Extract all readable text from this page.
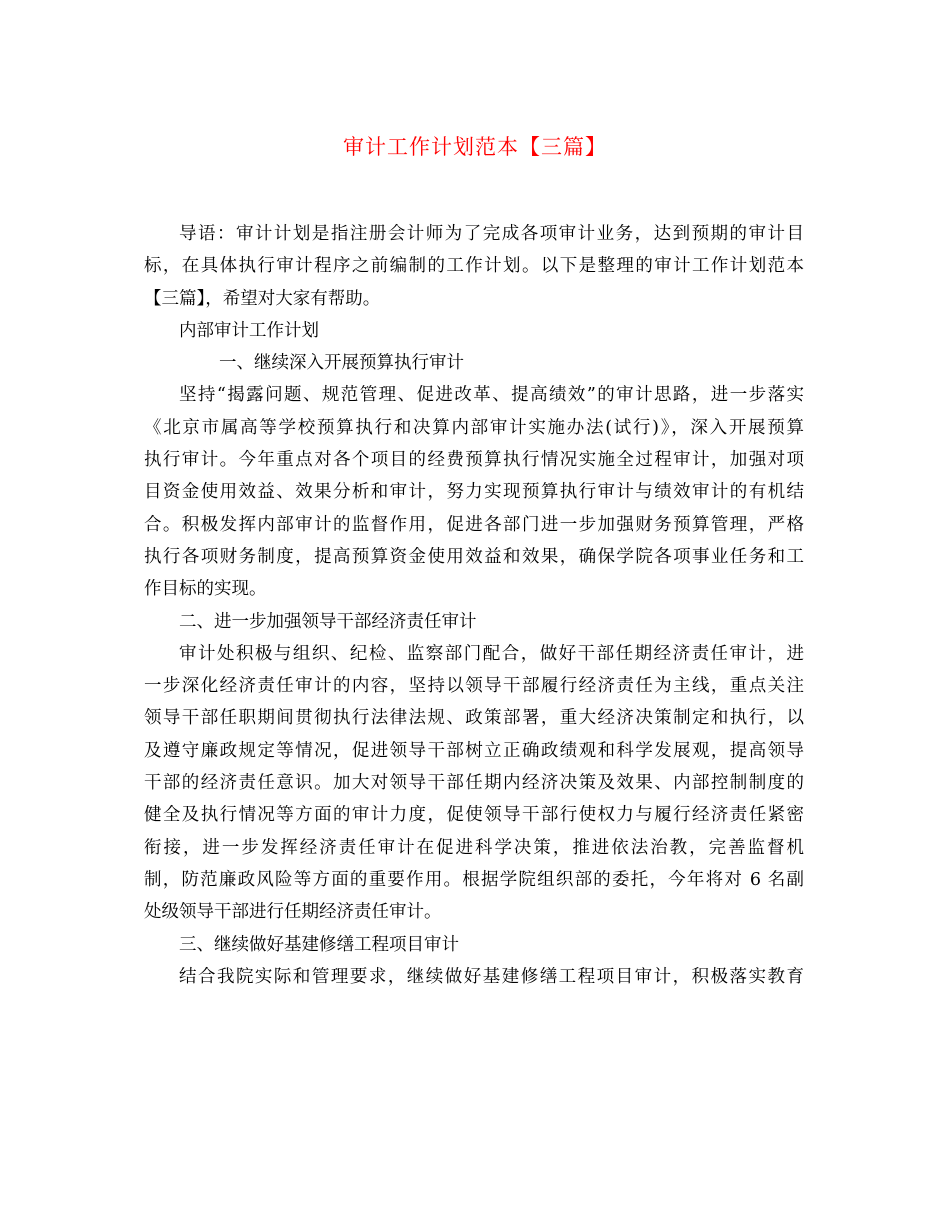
审计工作计划范本【三篇】
导语：审计计划是指注册会计师为了完成各项审计业务，达到预期的审计目
标，在具体执行审计程序之前编制的工作计划。以下是整理的审计工作计划范本
【三篇】，希望对大家有帮助。
内部审计工作计划
一、继续深入开展预算执行审计
坚持“揭露问题、规范管理、促进改革、提高绩效”的审计思路，进一步落实
《北京市属高等学校预算执行和决算内部审计实施办法(试行)》，深入开展预算
执行审计。今年重点对各个项目的经费预算执行情况实施全过程审计，加强对项
目资金使用效益、效果分析和审计，努力实现预算执行审计与绩效审计的有机结
合。积极发挥内部审计的监督作用，促进各部门进一步加强财务预算管理，严格
执行各项财务制度，提高预算资金使用效益和效果，确保学院各项事业任务和工
作目标的实现。
二、进一步加强领导干部经济责任审计
审计处积极与组织、纪检、监察部门配合，做好干部任期经济责任审计，进
一步深化经济责任审计的内容，坚持以领导干部履行经济责任为主线，重点关注
领导干部任职期间贯彻执行法律法规、政策部署，重大经济决策制定和执行，以
及遵守廉政规定等情况，促进领导干部树立正确政绩观和科学发展观，提高领导
干部的经济责任意识。加大对领导干部任期内经济决策及效果、内部控制制度的
健全及执行情况等方面的审计力度，促使领导干部行使权力与履行经济责任紧密
衔接，进一步发挥经济责任审计在促进科学决策，推进依法治教，完善监督机
制，防范廉政风险等方面的重要作用。根据学院组织部的委托，今年将对 6 名副
处级领导干部进行任期经济责任审计。
三、继续做好基建修缮工程项目审计
结合我院实际和管理要求，继续做好基建修缮工程项目审计，积极落实教育
